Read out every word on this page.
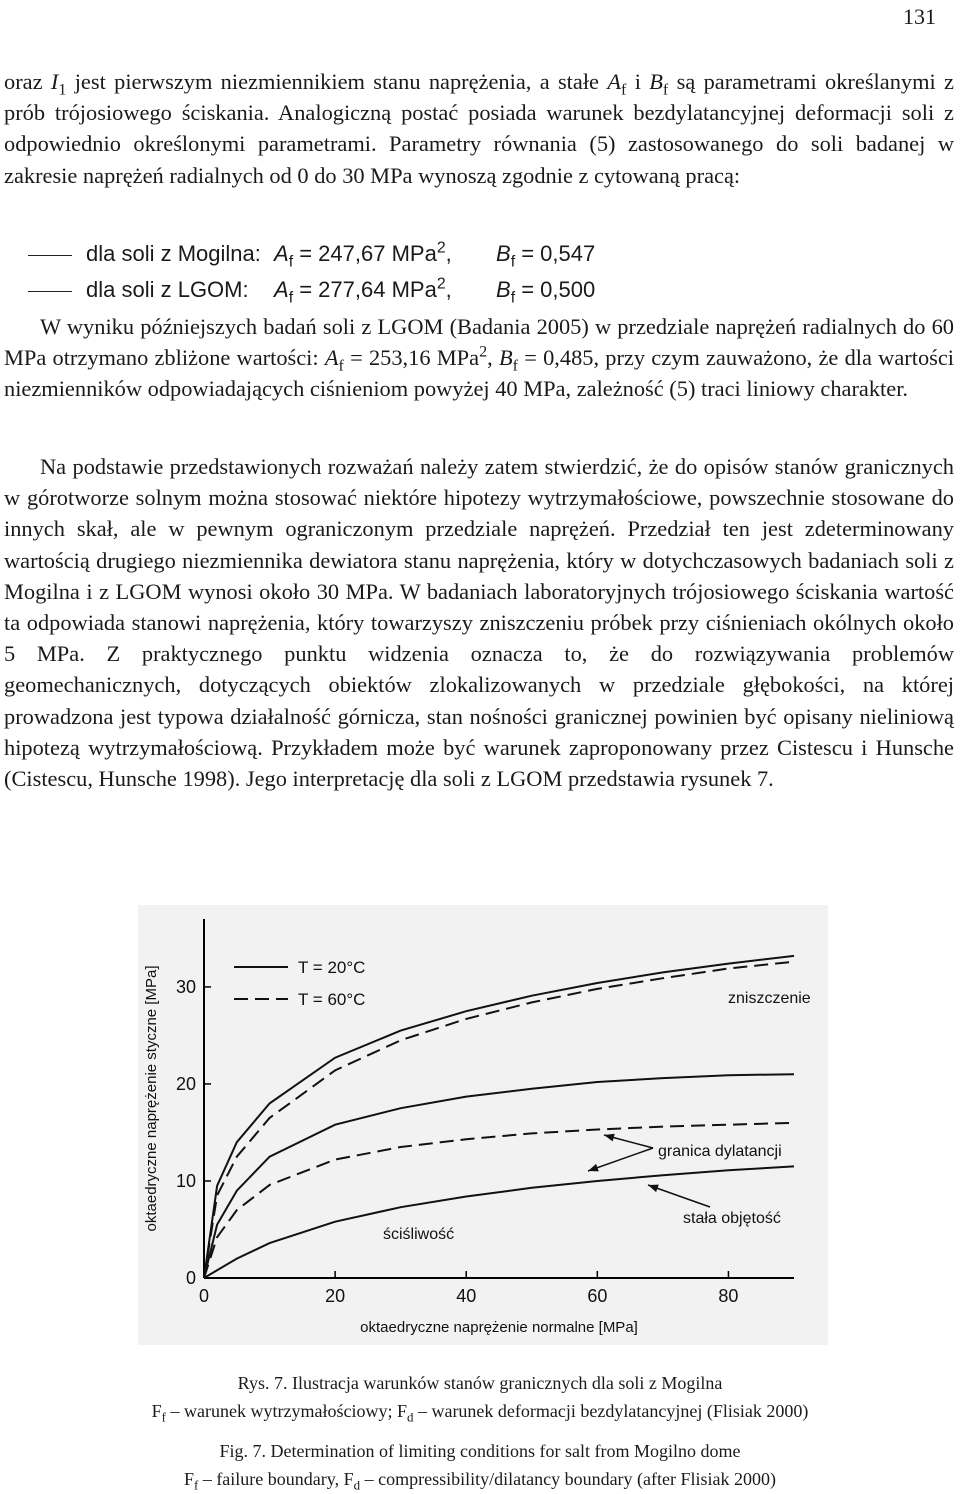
131
oraz $I_1$ jest pierwszym niezmiennikiem stanu naprężenia, a stałe $A_f$ i $B_f$ są parametrami określanymi z prób trójosiowego ściskania. Analogiczną postać posiada warunek bezdylatancyjnej deformacji soli z odpowiednio określonymi parametrami. Parametry równania (5) zastosowanego do soli badanej w zakresie naprężeń radialnych od 0 do 30 MPa wynoszą zgodnie z cytowaną pracą:
dla soli z Mogilna: $A_f = 247,67$ MPa$^2$, $B_f = 0,547$
dla soli z LGOM: $A_f = 277,64$ MPa$^2$, $B_f = 0,500$
W wyniku późniejszych badań soli z LGOM (Badania 2005) w przedziale naprężeń radialnych do 60 MPa otrzymano zbliżone wartości: $A_f = 253,16$ MPa$^2$, $B_f = 0,485$, przy czym zauważono, że dla wartości niezmienników odpowiadających ciśnieniom powyżej 40 MPa, zależność (5) traci liniowy charakter.
Na podstawie przedstawionych rozważań należy zatem stwierdzić, że do opisów stanów granicznych w górotworze solnym można stosować niektóre hipotezy wytrzymałościowe, powszechnie stosowane do innych skał, ale w pewnym ograniczonym przedziale naprężeń. Przedział ten jest zdeterminowany wartością drugiego niezmiennika dewiatora stanu naprężenia, który w dotychczasowych badaniach soli z Mogilna i z LGOM wynosi około 30 MPa. W badaniach laboratoryjnych trójosiowego ściskania wartość ta odpowiada stanowi naprężenia, który towarzyszy zniszczeniu próbek przy ciśnieniach okólnych około 5 MPa. Z praktycznego punktu widzenia oznacza to, że do rozwiązywania problemów geomechanicznych, dotyczących obiektów zlokalizowanych w przedziale głębokości, na której prowadzona jest typowa działalność górnicza, stan nośności granicznej powinien być opisany nieliniową hipotezą wytrzymałościową. Przykładem może być warunek zaproponowany przez Cistescu i Hunsche (Cistescu, Hunsche 1998). Jego interpretację dla soli z LGOM przedstawia rysunek 7.
0	20	40	60	80
0
10
20
30
oktaedryczne naprężenie normalne [MPa]
oktaedryczne naprężenie styczne [MPa]	T = 20°C
T = 60°C	zniszczenie
granica dylatancji
stała objętość
ściśliwość
Rys. 7. Ilustracja warunków stanów granicznych dla soli z Mogilna
$F_f$ – warunek wytrzymałościowy; $F_d$ – warunek deformacji bezdylatancyjnej (Flisiak 2000)
Fig. 7. Determination of limiting conditions for salt from Mogilno dome
$F_f$ – failure boundary, $F_d$ – compressibility/dilatancy boundary (after Flisiak 2000)
